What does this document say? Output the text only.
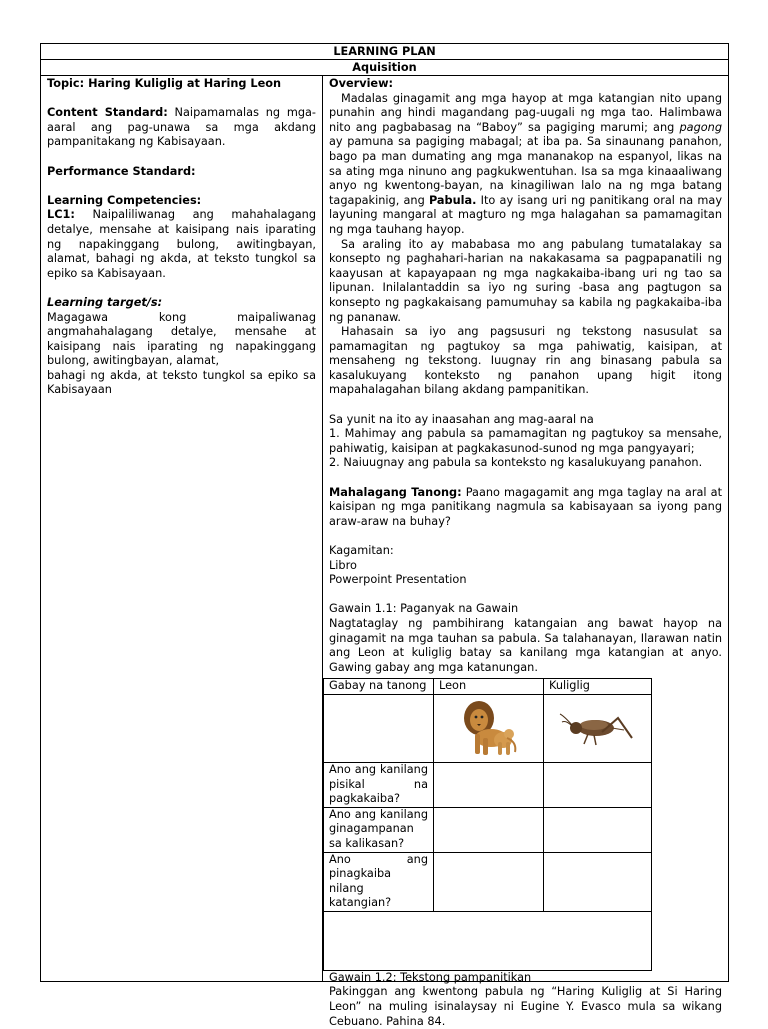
LEARNING PLAN
Aquisition

Topic: Haring Kuliglig at Haring Leon

Content Standard: Naipamamalas ng mga-aaral ang pag-unawa sa mga akdang pampanitakang ng Kabisayaan.

Performance Standard:

Learning Competencies:

LC1: Naipaliliwanag ang mahahalagang detalye, mensahe at kaisipang nais iparating ng napakinggang bulong, awitingbayan, alamat, bahagi ng akda, at teksto tungkol sa epiko sa Kabisayaan.

Learning target/s:

Magagawa kong maipaliwanag angmahahalagang detalye, mensahe at kaisipang nais iparating ng napakinggang bulong, awitingbayan, alamat,

bahagi ng akda, at teksto tungkol sa epiko sa Kabisayaan

Overview:

Madalas ginagamit ang mga hayop at mga katangian nito upang punahin ang hindi magandang pag-uugali ng mga tao. Halimbawa nito ang pagbabasag na “Baboy” sa pagiging marumi; ang pagong ay pamuna sa pagiging mabagal; at iba pa. Sa sinaunang panahon, bago pa man dumating ang mga mananakop na espanyol, likas na sa ating mga ninuno ang pagkukwentuhan. Isa sa mga kinaaaliwang anyo ng kwentong-bayan, na kinagiliwan lalo na ng mga batang tagapakinig, ang Pabula. Ito ay isang uri ng panitikang oral na may layuning mangaral at magturo ng mga halagahan sa pamamagitan ng mga tauhang hayop.

Sa araling ito ay mababasa mo ang pabulang tumatalakay sa konsepto ng paghahari-harian na nakakasama sa pagpapanatili ng kaayusan at kapayapaan ng mga nagkakaiba-ibang uri ng tao sa lipunan. Inilalantaddin sa iyo ng suring -basa ang pagtugon sa konsepto ng pagkakaisang pamumuhay sa kabila ng pagkakaiba-iba ng pananaw.

Hahasain sa iyo ang pagsusuri ng tekstong nasusulat sa pamamagitan ng pagtukoy sa mga pahiwatig, kaisipan, at mensaheng ng tekstong. Iuugnay rin ang binasang pabula sa kasalukuyang konteksto ng panahon upang higit itong mapahalagahan bilang akdang pampanitikan.

Sa yunit na ito ay inaasahan ang mag-aaral na

1. Mahimay ang pabula sa pamamagitan ng pagtukoy sa mensahe, pahiwatig, kaisipan at pagkakasunod-sunod ng mga pangyayari;

2. Naiuugnay ang pabula sa konteksto ng kasalukuyang panahon.

Mahalagang Tanong: Paano magagamit ang mga taglay na aral at kaisipan ng mga panitikang nagmula sa kabisayaan sa iyong pang araw-araw na buhay?

Kagamitan:

Libro

Powerpoint Presentation

Gawain 1.1: Paganyak na Gawain

Nagtataglay ng pambihirang katangaian ang bawat hayop na ginagamit na mga tauhan sa pabula. Sa talahanayan, Ilarawan natin ang Leon at kuliglig batay sa kanilang mga katangian at anyo. Gawing gabay ang mga katanungan.

Gabay na tanong	Leon	Kuliglig

Ano ang kanilang pisikal na pagkakaiba?		
Ano ang kanilang ginagampanan sa kalikasan?		
Ano ang pinagkaiba nilang katangian?		

Gawain 1.2: Tekstong pampanitikan

Pakinggan ang kwentong pabula ng “Haring Kuliglig at Si Haring Leon” na muling isinalaysay ni Eugine Y. Evasco mula sa wikang Cebuano. Pahina 84.
